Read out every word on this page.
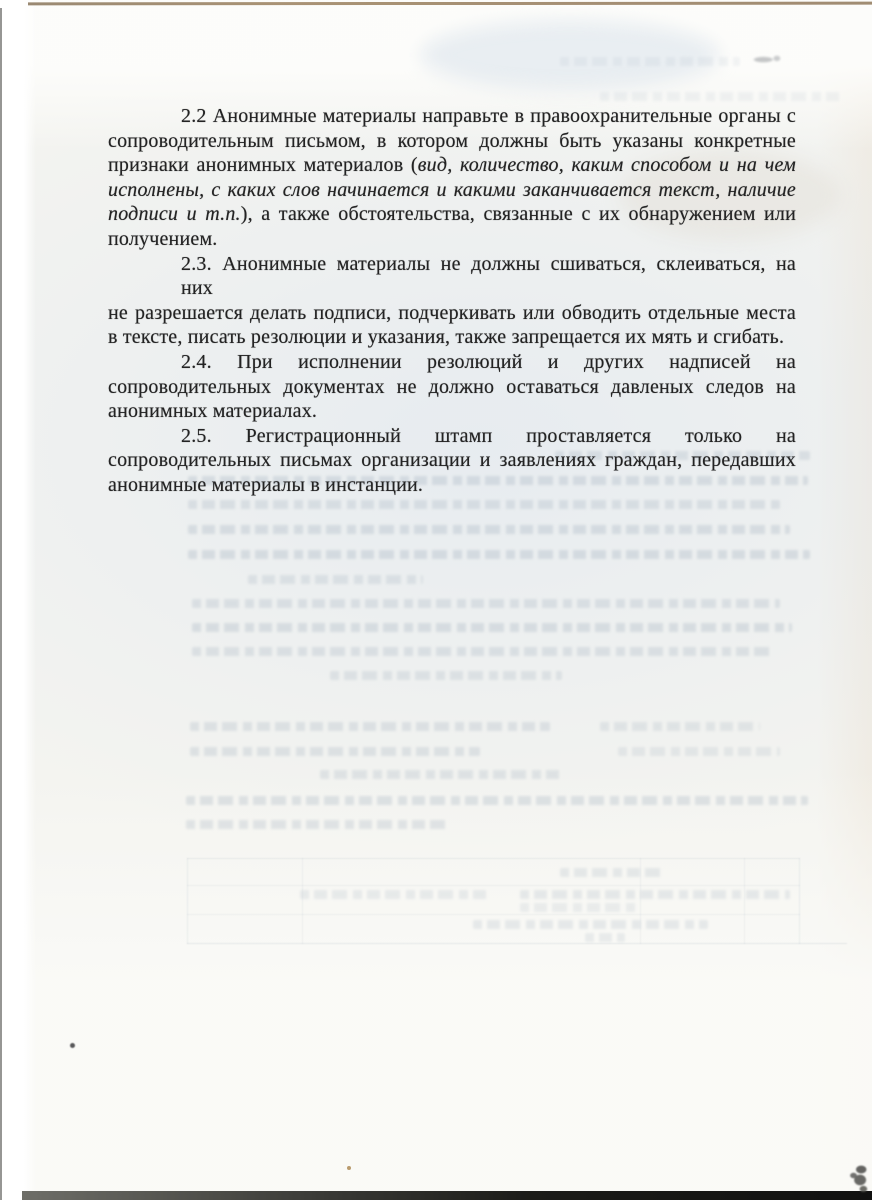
2.2 Анонимные материалы направьте в правоохранительные органы с
сопроводительным письмом, в котором должны быть указаны конкретные
признаки анонимных материалов (вид, количество, каким способом и на чем
исполнены, с каких слов начинается и какими заканчивается текст, наличие
подписи и т.п.), а также обстоятельства, связанные с их обнаружением или
получением.
2.3. Анонимные материалы не должны сшиваться, склеиваться, на них
не разрешается делать подписи, подчеркивать или обводить отдельные места
в тексте, писать резолюции и указания, также запрещается их мять и сгибать.
2.4. При исполнении резолюций и других надписей на
сопроводительных документах не должно оставаться давленых следов на
анонимных материалах.
2.5. Регистрационный штамп проставляется только на
сопроводительных письмах организации и заявлениях граждан, передавших
анонимные материалы в инстанции.
